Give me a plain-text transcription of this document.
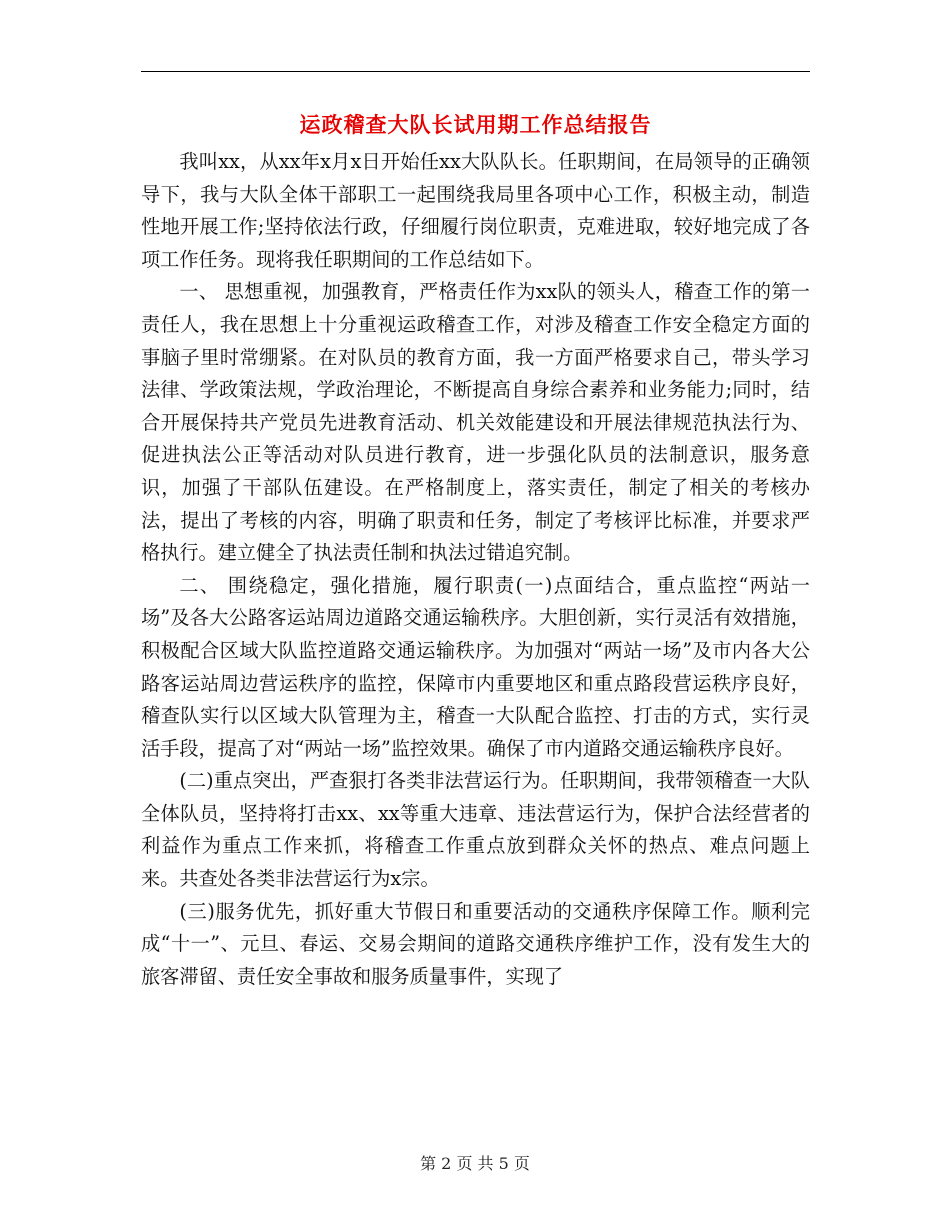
运政稽查大队长试用期工作总结报告

我叫xx，从xx年x月x日开始任xx大队队长。任职期间，在局领导的正确领导下，我与大队全体干部职工一起围绕我局里各项中心工作，积极主动，制造性地开展工作;坚持依法行政，仔细履行岗位职责，克难进取，较好地完成了各项工作任务。现将我任职期间的工作总结如下。

一、 思想重视，加强教育，严格责任作为xx队的领头人，稽查工作的第一责任人，我在思想上十分重视运政稽查工作，对涉及稽查工作安全稳定方面的事脑子里时常绷紧。在对队员的教育方面，我一方面严格要求自己，带头学习法律、学政策法规，学政治理论，不断提高自身综合素养和业务能力;同时，结合开展保持共产党员先进教育活动、机关效能建设和开展法律规范执法行为、促进执法公正等活动对队员进行教育，进一步强化队员的法制意识，服务意识，加强了干部队伍建设。在严格制度上，落实责任，制定了相关的考核办法，提出了考核的内容，明确了职责和任务，制定了考核评比标准，并要求严格执行。建立健全了执法责任制和执法过错追究制。

二、 围绕稳定，强化措施，履行职责(一)点面结合，重点监控“两站一场”及各大公路客运站周边道路交通运输秩序。大胆创新，实行灵活有效措施，积极配合区域大队监控道路交通运输秩序。为加强对“两站一场”及市内各大公路客运站周边营运秩序的监控，保障市内重要地区和重点路段营运秩序良好，稽查队实行以区域大队管理为主，稽查一大队配合监控、打击的方式，实行灵活手段，提高了对“两站一场”监控效果。确保了市内道路交通运输秩序良好。

(二)重点突出，严查狠打各类非法营运行为。任职期间，我带领稽查一大队全体队员，坚持将打击xx、xx等重大违章、违法营运行为，保护合法经营者的利益作为重点工作来抓，将稽查工作重点放到群众关怀的热点、难点问题上来。共查处各类非法营运行为x宗。

(三)服务优先，抓好重大节假日和重要活动的交通秩序保障工作。顺利完成“十一”、元旦、春运、交易会期间的道路交通秩序维护工作，没有发生大的旅客滞留、责任安全事故和服务质量事件，实现了

第 2 页 共 5 页
